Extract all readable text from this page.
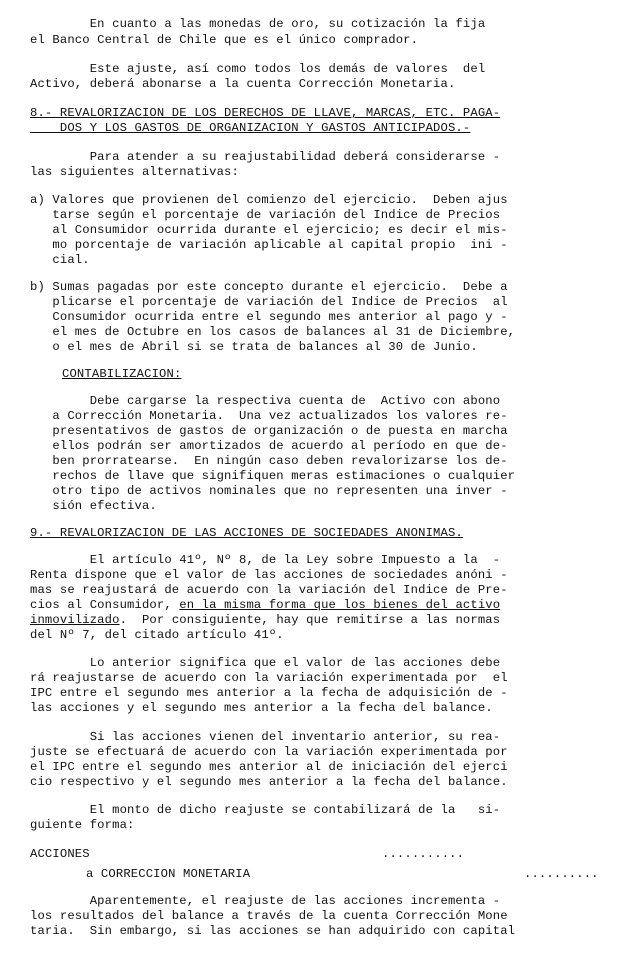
En cuanto a las monedas de oro, su cotización la fija
el Banco Central de Chile que es el único comprador.
Este ajuste, así como todos los demás de valores  del
Activo, deberá abonarse a la cuenta Corrección Monetaria.
8.- REVALORIZACION DE LOS DERECHOS DE LLAVE, MARCAS, ETC. PAGA-
DOS Y LOS GASTOS DE ORGANIZACION Y GASTOS ANTICIPADOS.-
Para atender a su reajustabilidad deberá considerarse -
las siguientes alternativas:
a) Valores que provienen del comienzo del ejercicio.  Deben ajus
tarse según el porcentaje de variación del Indice de Precios
al Consumidor ocurrida durante el ejercicio; es decir el mis-
mo porcentaje de variación aplicable al capital propio  ini -
cial.
b) Sumas pagadas por este concepto durante el ejercicio.  Debe a
plicarse el porcentaje de variación del Indice de Precios  al
Consumidor ocurrida entre el segundo mes anterior al pago y -
el mes de Octubre en los casos de balances al 31 de Diciembre,
o el mes de Abril si se trata de balances al 30 de Junio.
CONTABILIZACION:
Debe cargarse la respectiva cuenta de  Activo con abono
a Corrección Monetaria.  Una vez actualizados los valores re-
presentativos de gastos de organización o de puesta en marcha
ellos podrán ser amortizados de acuerdo al período en que de-
ben prorratearse.  En ningún caso deben revalorizarse los de-
rechos de llave que signifiquen meras estimaciones o cualquier
otro tipo de activos nominales que no representen una inver -
sión efectiva.
9.- REVALORIZACION DE LAS ACCIONES DE SOCIEDADES ANONIMAS.
El artículo 41º, Nº 8, de la Ley sobre Impuesto a la  -
Renta dispone que el valor de las acciones de sociedades anóni -
mas se reajustará de acuerdo con la variación del Indice de Pre-
cios al Consumidor, en la misma forma que los bienes del activo
inmovilizado.  Por consiguiente, hay que remitirse a las normas
del Nº 7, del citado artículo 41º.
Lo anterior significa que el valor de las acciones debe
rá reajustarse de acuerdo con la variación experimentada por  el
IPC entre el segundo mes anterior a la fecha de adquisición de -
las acciones y el segundo mes anterior a la fecha del balance.
Si las acciones vienen del inventario anterior, su rea-
juste se efectuará de acuerdo con la variación experimentada por
el IPC entre el segundo mes anterior al de iniciación del ejerci
cio respectivo y el segundo mes anterior a la fecha del balance.
El monto de dicho reajuste se contabilizará de la   si-
guiente forma:
ACCIONES	...........
a CORRECCION MONETARIA	..........
Aparentemente, el reajuste de las acciones incrementa -
los resultados del balance a través de la cuenta Corrección Mone
taria.  Sin embargo, si las acciones se han adquirido con capital
